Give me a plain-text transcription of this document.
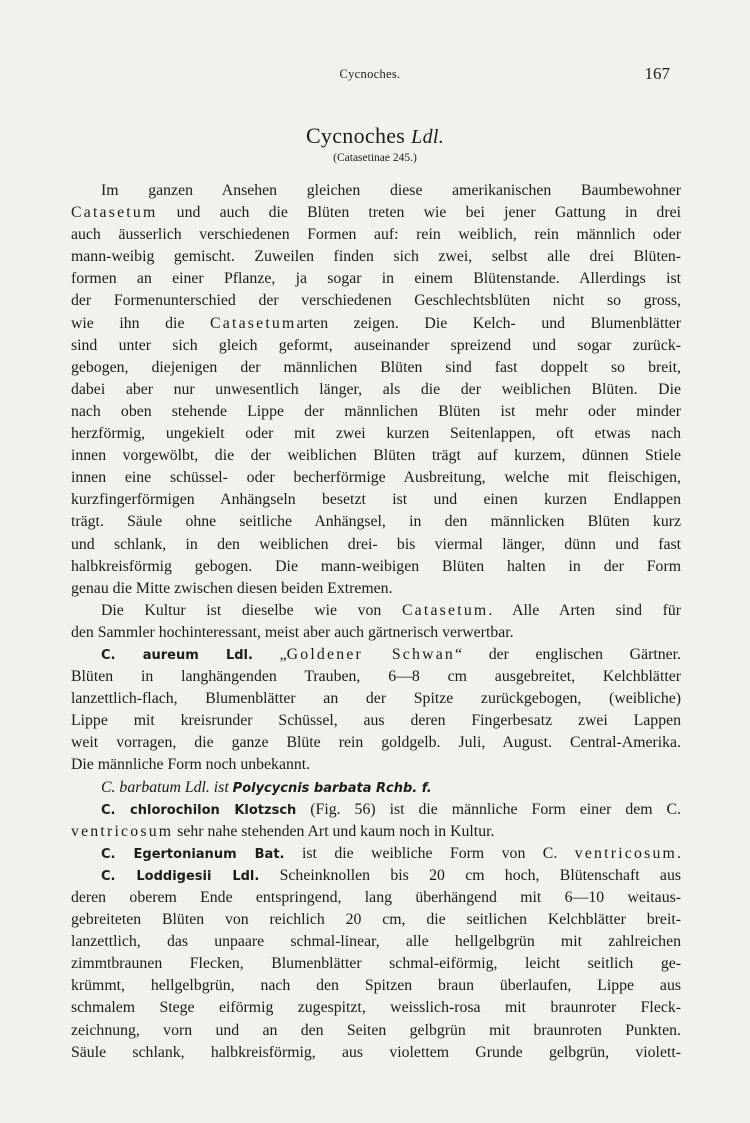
Cycnoches.	167
Cycnoches Ldl.
(Catasetinae 245.)
Im ganzen Ansehen gleichen diese amerikanischen Baumbewohner
Catasetum und auch die Blüten treten wie bei jener Gattung in drei
auch äusserlich verschiedenen Formen auf: rein weiblich, rein männlich oder
mann-weibig gemischt. Zuweilen finden sich zwei, selbst alle drei Blüten-
formen an einer Pflanze, ja sogar in einem Blütenstande. Allerdings ist
der Formenunterschied der verschiedenen Geschlechtsblüten nicht so gross,
wie ihn die Catasetumarten zeigen. Die Kelch- und Blumenblätter
sind unter sich gleich geformt, auseinander spreizend und sogar zurück-
gebogen, diejenigen der männlichen Blüten sind fast doppelt so breit,
dabei aber nur unwesentlich länger, als die der weiblichen Blüten. Die
nach oben stehende Lippe der männlichen Blüten ist mehr oder minder
herzförmig, ungekielt oder mit zwei kurzen Seitenlappen, oft etwas nach
innen vorgewölbt, die der weiblichen Blüten trägt auf kurzem, dünnen Stiele
innen eine schüssel- oder becherförmige Ausbreitung, welche mit fleischigen,
kurzfingerförmigen Anhängseln besetzt ist und einen kurzen Endlappen
trägt. Säule ohne seitliche Anhängsel, in den männlicken Blüten kurz
und schlank, in den weiblichen drei- bis viermal länger, dünn und fast
halbkreisförmig gebogen. Die mann-weibigen Blüten halten in der Form
genau die Mitte zwischen diesen beiden Extremen.
Die Kultur ist dieselbe wie von Catasetum. Alle Arten sind für
den Sammler hochinteressant, meist aber auch gärtnerisch verwertbar.
C. aureum Ldl. „Goldener Schwan“ der englischen Gärtner.
Blüten in langhängenden Trauben, 6—8 cm ausgebreitet, Kelchblätter
lanzettlich-flach, Blumenblätter an der Spitze zurückgebogen, (weibliche)
Lippe mit kreisrunder Schüssel, aus deren Fingerbesatz zwei Lappen
weit vorragen, die ganze Blüte rein goldgelb. Juli, August. Central-Amerika.
Die männliche Form noch unbekannt.
C. barbatum Ldl. ist Polycycnis barbata Rchb. f.
C. chlorochilon Klotzsch (Fig. 56) ist die männliche Form einer dem C.
ventricosum sehr nahe stehenden Art und kaum noch in Kultur.
C. Egertonianum Bat. ist die weibliche Form von C. ventricosum.
C. Loddigesii Ldl. Scheinknollen bis 20 cm hoch, Blütenschaft aus
deren oberem Ende entspringend, lang überhängend mit 6—10 weitaus-
gebreiteten Blüten von reichlich 20 cm, die seitlichen Kelchblätter breit-
lanzettlich, das unpaare schmal-linear, alle hellgelbgrün mit zahlreichen
zimmtbraunen Flecken, Blumenblätter schmal-eiförmig, leicht seitlich ge-
krümmt, hellgelbgrün, nach den Spitzen braun überlaufen, Lippe aus
schmalem Stege eiförmig zugespitzt, weisslich-rosa mit braunroter Fleck-
zeichnung, vorn und an den Seiten gelbgrün mit braunroten Punkten.
Säule schlank, halbkreisförmig, aus violettem Grunde gelbgrün, violett-
